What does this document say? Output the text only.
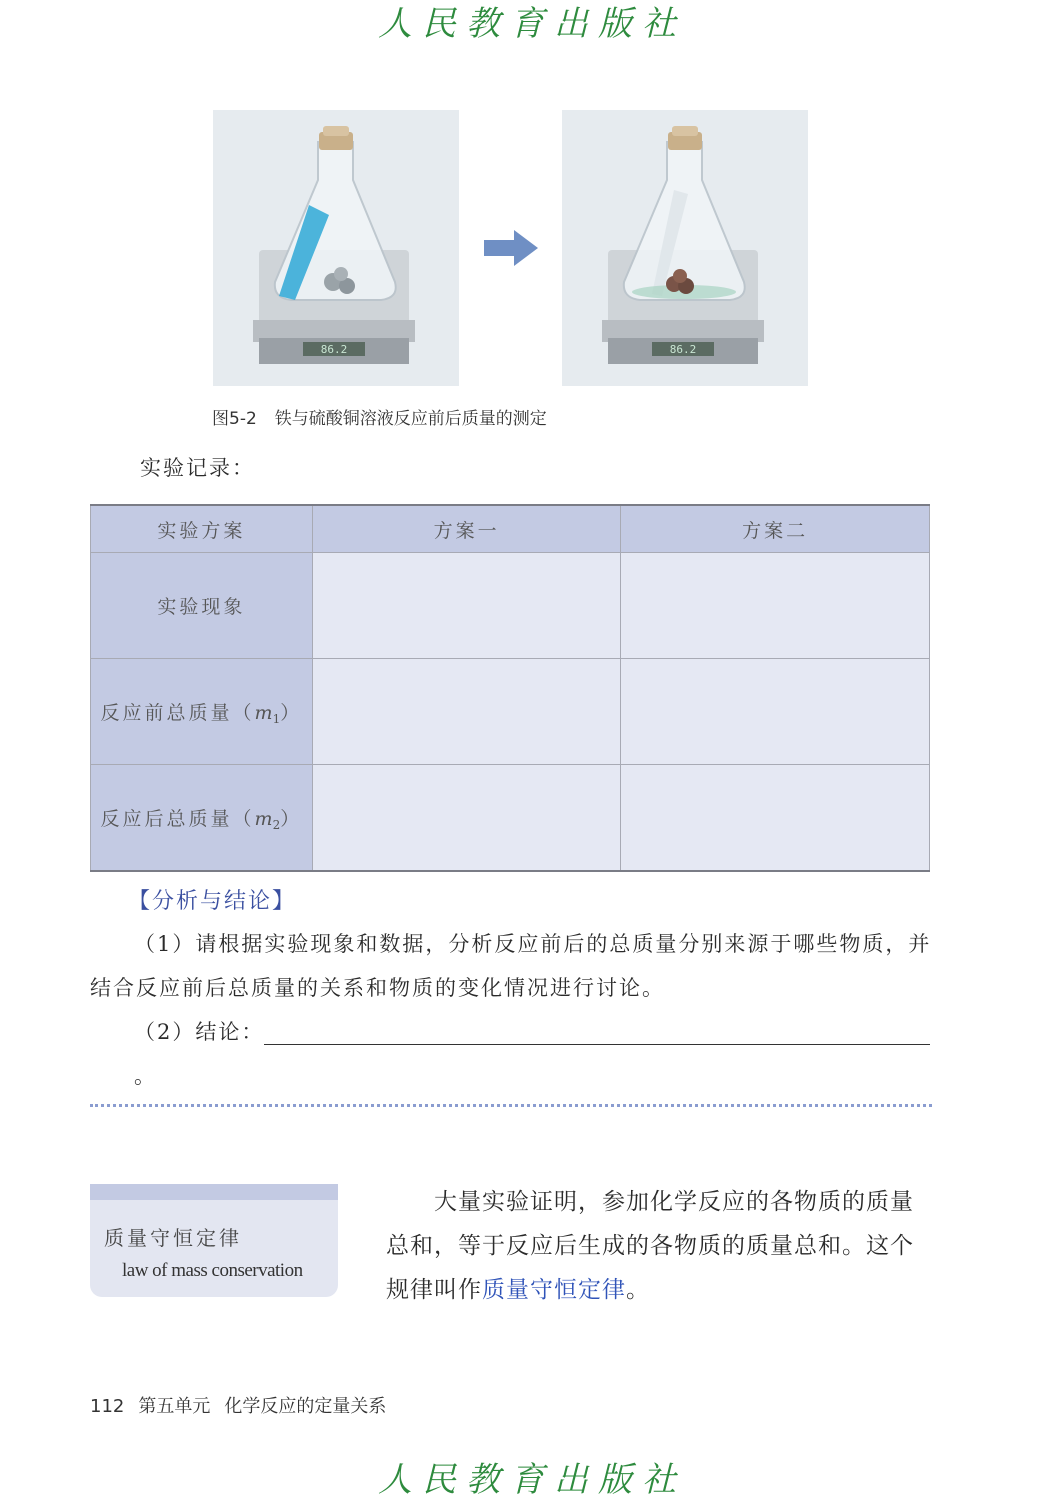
人民教育出版社
86.2	86.2
图5-2 铁与硫酸铜溶液反应前后质量的测定
实验记录：
实验方案	方案一	方案二
实验现象		
反应前总质量$(m_1)$		
反应后总质量$(m_2)$		
【分析与结论】
（1）请根据实验现象和数据，分析反应前后的总质量分别来源于哪些物质，并结合反应前后总质量的关系和物质的变化情况进行讨论。
（2）结论：。
质量守恒定律
law of mass conservation
大量实验证明，参加化学反应的各物质的质量总和，等于反应后生成的各物质的质量总和。这个规律叫作质量守恒定律。
112 第五单元 化学反应的定量关系
人民教育出版社
